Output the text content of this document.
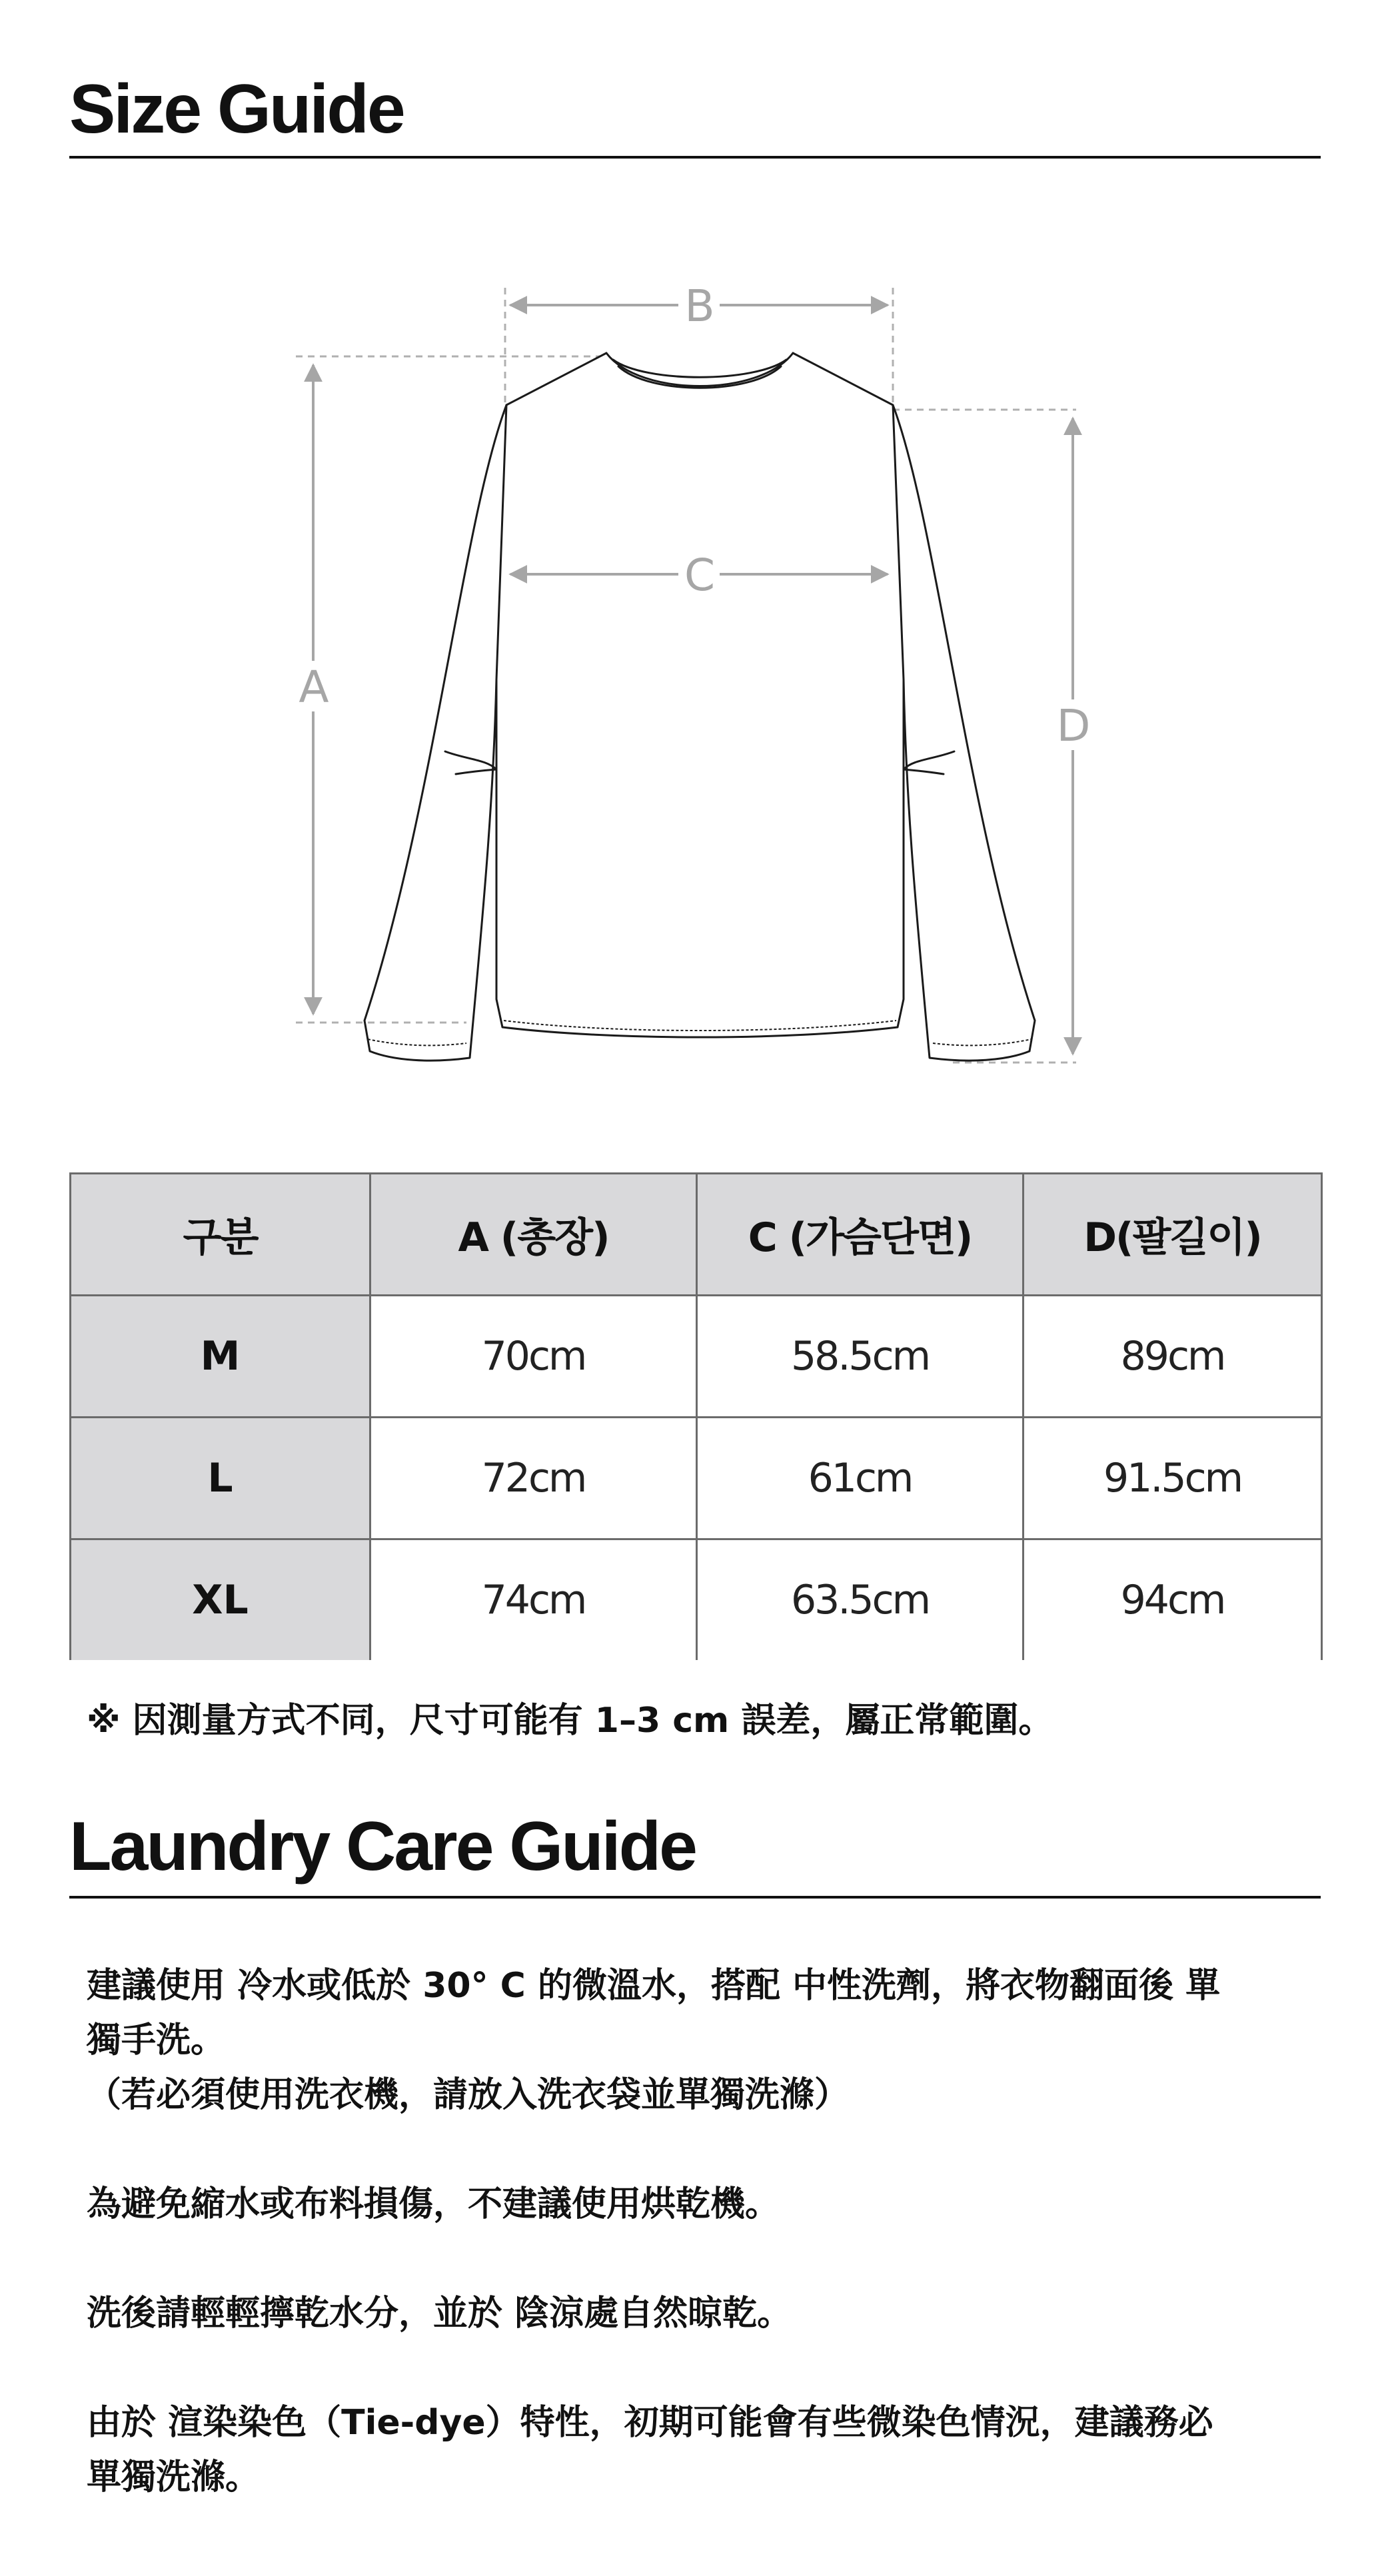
Size Guide
B
C
A
D
구분	A (총장)	C (가슴단면)	D(팔길이)
M	70cm	58.5cm	89cm
L	72cm	61cm	91.5cm
XL	74cm	63.5cm	94cm

※ 因測量方式不同，尺寸可能有 1–3 cm 誤差，屬正常範圍。

Laundry Care Guide

建議使用 冷水或低於 30° C 的微溫水，搭配 中性洗劑，將衣物翻面後 單
獨手洗。
（若必須使用洗衣機，請放入洗衣袋並單獨洗滌）

為避免縮水或布料損傷，不建議使用烘乾機。

洗後請輕輕擰乾水分，並於 陰涼處自然晾乾。

由於 渲染染色（Tie-dye）特性，初期可能會有些微染色情況，建議務必
單獨洗滌。
